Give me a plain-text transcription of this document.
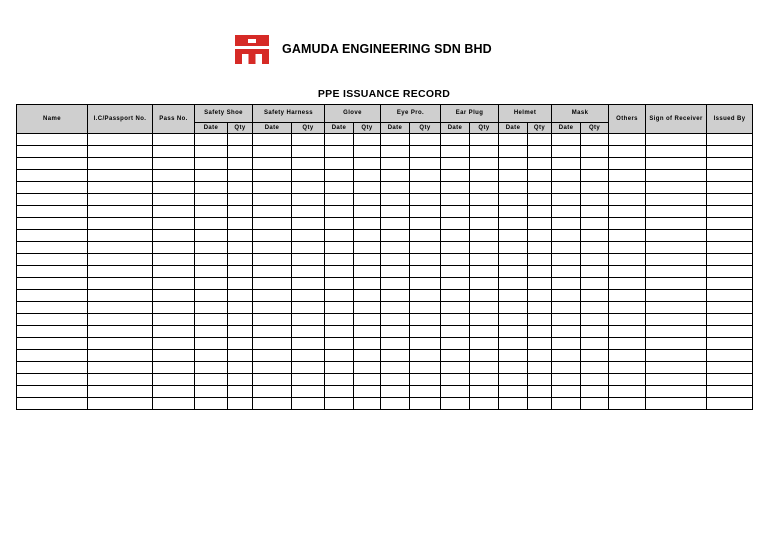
GAMUDA ENGINEERING SDN BHD
PPE ISSUANCE RECORD
Name	I.C/Passport No.	Pass No.	Safety Shoe		Safety Harness		Glove		Eye Pro.		Ear Plug		Helmet		Mask		Others	Sign of Receiver	Issued By
			Date	Qty	Date	Qty	Date	Qty	Date	Qty	Date	Qty	Date	Qty	Date	Qty			
